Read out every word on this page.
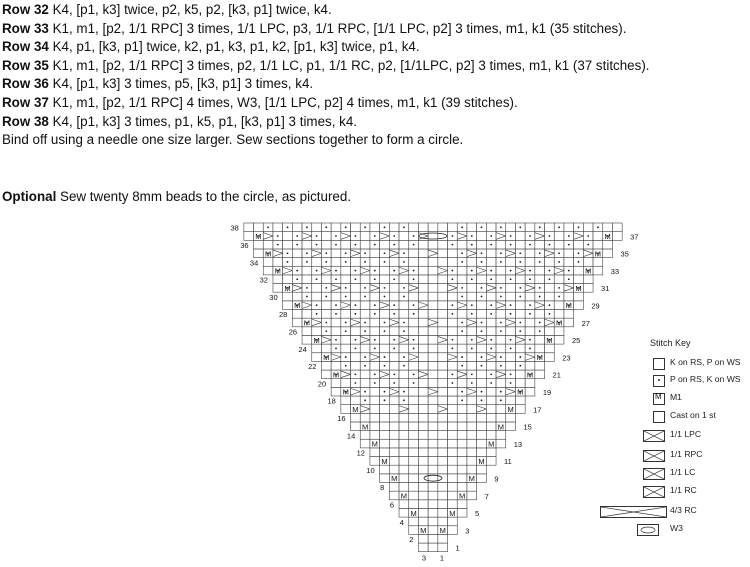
Row 32 K4, [p1, k3] twice, p2, k5, p2, [k3, p1] twice, k4.
Row 33 K1, m1, [p2, 1/1 RPC] 3 times, 1/1 LPC, p3, 1/1 RPC, [1/1 LPC, p2] 3 times, m1, k1 (35 stitches).
Row 34 K4, p1, [k3, p1] twice, k2, p1, k3, p1, k2, [p1, k3] twice, p1, k4.
Row 35 K1, m1, [p2, 1/1 RPC] 3 times, p2, 1/1 LC, p1, 1/1 RC, p2, [1/1LPC, p2] 3 times, m1, k1 (37 stitches).
Row 36 K4, [p1, k3] 3 times, p5, [k3, p1] 3 times, k4.
Row 37 K1, m1, [p2, 1/1 RPC] 4 times, W3, [1/1 LPC, p2] 4 times, m1, k1 (39 stitches).
Row 38 K4, [p1, k3] 3 times, p1, k5, p1, [k3, p1] 3 times, k4.
Bind off using a needle one size larger. Sew sections together to form a circle.
Optional Sew twenty 8mm beads to the circle, as pictured.
M M
M	M
M	M
M	M
M	M
M	M
M	M
M	M
M	M
M	M
M	M
M	M
M	M
M	M
M	M
M	M
M	M
M	M
1
3
5
7
9
11
13
15
17
19
21
23
25
27
29
31
33
35
37
2
4
6
8
10
12
14
16
18
20
22
24
26
28
30
32
34
36
38
3 1
Stitch Key
K on RS, P on WS
P on RS, K on WS
M M1
Cast on 1 st
1/1 LPC
1/1 RPC
1/1 LC
1/1 RC
4/3 RC
W3
